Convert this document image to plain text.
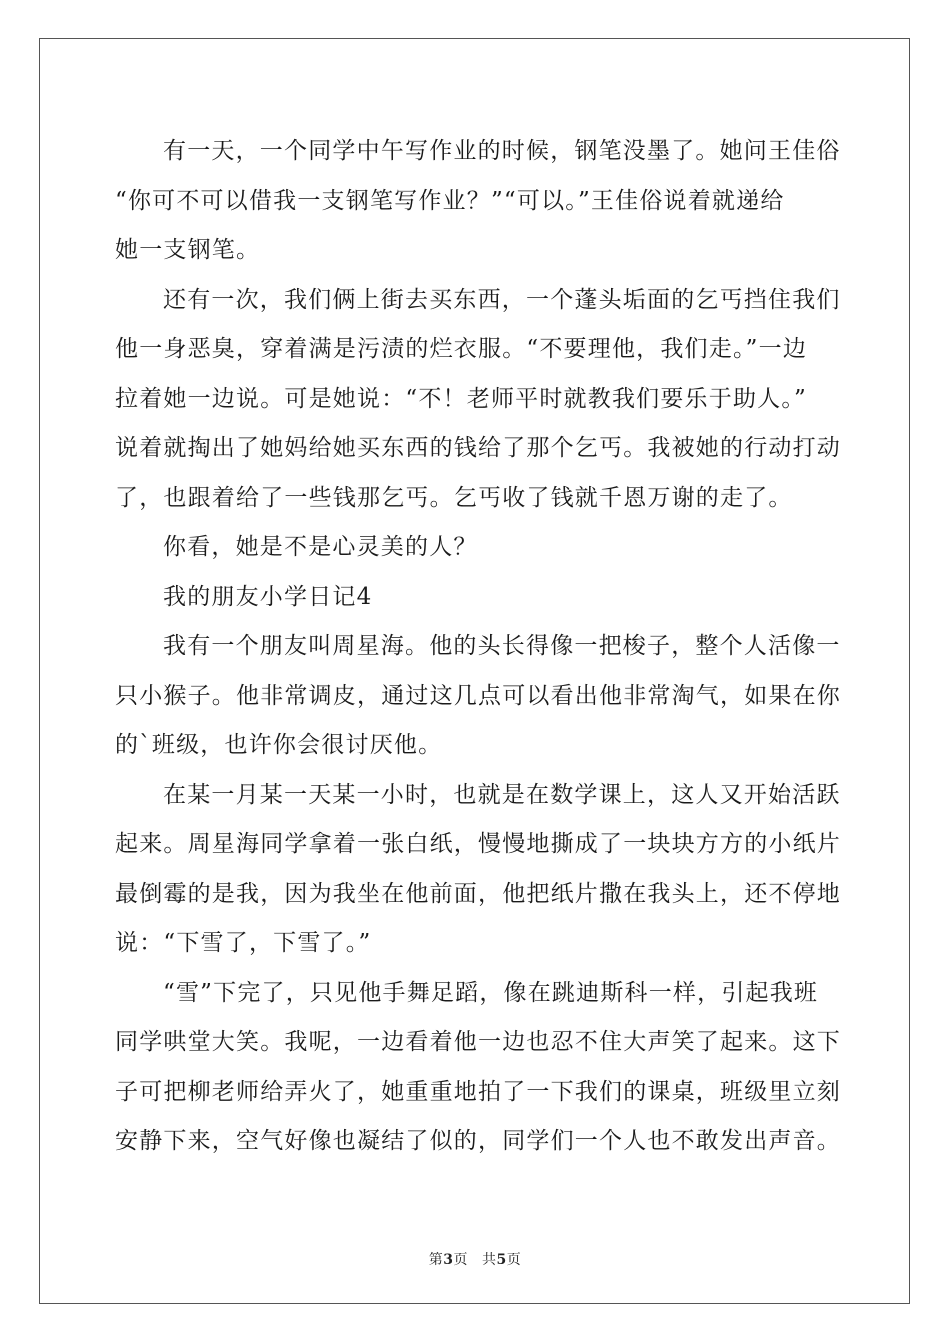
有一天，一个同学中午写作业的时候，钢笔没墨了。她问王佳俗
“你可不可以借我一支钢笔写作业？”“可以。”王佳俗说着就递给
她一支钢笔。
还有一次，我们俩上街去买东西，一个蓬头垢面的乞丐挡住我们
他一身恶臭，穿着满是污渍的烂衣服。“不要理他，我们走。”一边
拉着她一边说。可是她说：“不！老师平时就教我们要乐于助人。”
说着就掏出了她妈给她买东西的钱给了那个乞丐。我被她的行动打动
了，也跟着给了一些钱那乞丐。乞丐收了钱就千恩万谢的走了。
你看，她是不是心灵美的人？
我的朋友小学日记4
我有一个朋友叫周星海。他的头长得像一把梭子，整个人活像一
只小猴子。他非常调皮，通过这几点可以看出他非常淘气，如果在你
的`班级，也许你会很讨厌他。
在某一月某一天某一小时，也就是在数学课上，这人又开始活跃
起来。周星海同学拿着一张白纸，慢慢地撕成了一块块方方的小纸片
最倒霉的是我，因为我坐在他前面，他把纸片撒在我头上，还不停地
说：“下雪了，下雪了。”
“雪”下完了，只见他手舞足蹈，像在跳迪斯科一样，引起我班
同学哄堂大笑。我呢，一边看着他一边也忍不住大声笑了起来。这下
子可把柳老师给弄火了，她重重地拍了一下我们的课桌，班级里立刻
安静下来，空气好像也凝结了似的，同学们一个人也不敢发出声音。
第3页 共5页
